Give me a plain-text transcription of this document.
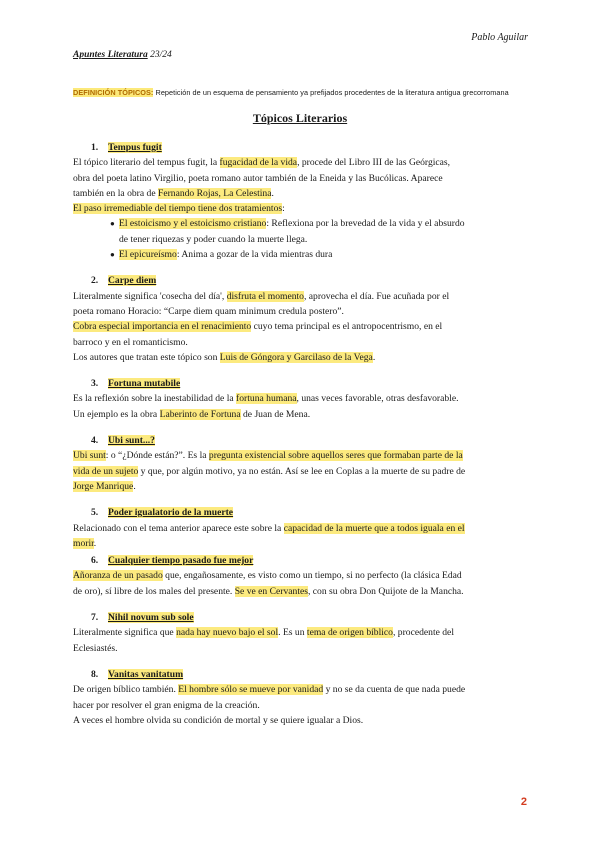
Pablo Aguilar
Apuntes Literatura 23/24
DEFINICIÓN TÓPICOS: Repetición de un esquema de pensamiento ya prefijados procedentes de la literatura antigua grecorromana
Tópicos Literarios
1. Tempus fugit

El tópico literario del tempus fugit, la fugacidad de la vida, procede del Libro III de las Geórgicas,

obra del poeta latino Virgilio, poeta romano autor también de la Eneida y las Bucólicas. Aparece

también en la obra de Fernando Rojas, La Celestina.

El paso irremediable del tiempo tiene dos tratamientos:

● El estoicismo y el estoicismo cristiano: Reflexiona por la brevedad de la vida y el absurdo
de tener riquezas y poder cuando la muerte llega.
● El epicureísmo: Anima a gozar de la vida mientras dura
2. Carpe diem

Literalmente significa 'cosecha del día', disfruta el momento, aprovecha el día. Fue acuñada por el

poeta romano Horacio: “Carpe diem quam minimum credula postero”.

Cobra especial importancia en el renacimiento cuyo tema principal es el antropocentrismo, en el

barroco y en el romanticismo.

Los autores que tratan este tópico son Luis de Góngora y Garcilaso de la Vega.

3. Fortuna mutabile

Es la reflexión sobre la inestabilidad de la fortuna humana, unas veces favorable, otras desfavorable.

Un ejemplo es la obra Laberinto de Fortuna de Juan de Mena.

4. Ubi sunt...?

Ubi sunt: o “¿Dónde están?”. Es la pregunta existencial sobre aquellos seres que formaban parte de la

vida de un sujeto y que, por algún motivo, ya no están. Así se lee en Coplas a la muerte de su padre de

Jorge Manrique.

5. Poder igualatorio de la muerte

Relacionado con el tema anterior aparece este sobre la capacidad de la muerte que a todos iguala en el

morir.

6. Cualquier tiempo pasado fue mejor

Añoranza de un pasado que, engañosamente, es visto como un tiempo, si no perfecto (la clásica Edad

de oro), sí libre de los males del presente. Se ve en Cervantes, con su obra Don Quijote de la Mancha.

7. Nihil novum sub sole

Literalmente significa que nada hay nuevo bajo el sol. Es un tema de origen bíblico, procedente del

Eclesiastés.

8. Vanitas vanitatum

De origen bíblico también. El hombre sólo se mueve por vanidad y no se da cuenta de que nada puede

hacer por resolver el gran enigma de la creación.

A veces el hombre olvida su condición de mortal y se quiere igualar a Dios.

2
